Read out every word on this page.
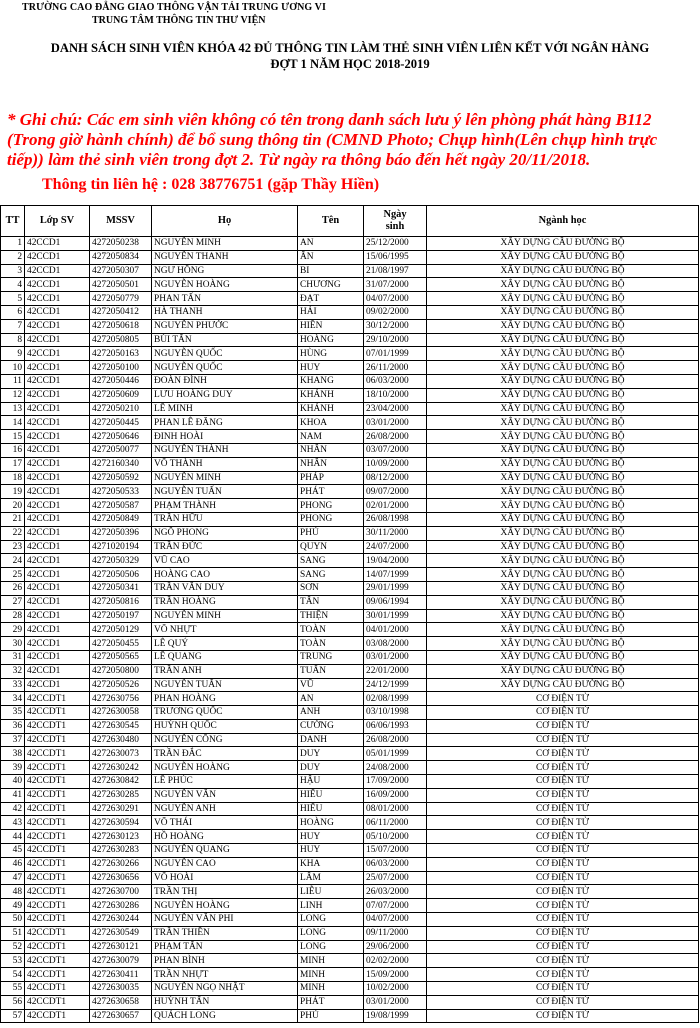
TRƯỜNG CAO ĐẲNG GIAO THÔNG VẬN TẢI TRUNG ƯƠNG VI
TRUNG TÂM THÔNG TIN THƯ VIỆN
DANH SÁCH SINH VIÊN KHÓA 42 ĐỦ THÔNG TIN LÀM THẺ SINH VIÊN LIÊN KẾT VỚI NGÂN HÀNG
ĐỢT 1 NĂM HỌC 2018-2019
* Ghi chú: Các em sinh viên không có tên trong danh sách lưu ý lên phòng phát hàng B112 (Trong giờ hành chính) để bổ sung thông tin (CMND Photo; Chụp hình(Lên chụp hình trực tiếp)) làm thẻ sinh viên trong đợt 2. Từ ngày ra thông báo đến hết ngày 20/11/2018.
Thông tin liên hệ : 028 38776751 (gặp Thầy Hiền)
TT	Lớp SV	MSSV	Họ	Tên	Ngày
sinh	Ngành học
1	42CCD1	4272050238	NGUYỄN MINH	AN	25/12/2000	XÂY DỰNG CẦU ĐƯỜNG BỘ
2	42CCD1	4272050834	NGUYỄN THANH	ÂN	15/06/1995	XÂY DỰNG CẦU ĐƯỜNG BỘ
3	42CCD1	4272050307	NGƯ HỒNG	BI	21/08/1997	XÂY DỰNG CẦU ĐƯỜNG BỘ
4	42CCD1	4272050501	NGUYỄN HOÀNG	CHƯƠNG	31/07/2000	XÂY DỰNG CẦU ĐƯỜNG BỘ
5	42CCD1	4272050779	PHAN TẤN	ĐẠT	04/07/2000	XÂY DỰNG CẦU ĐƯỜNG BỘ
6	42CCD1	4272050412	HÀ THANH	HẢI	09/02/2000	XÂY DỰNG CẦU ĐƯỜNG BỘ
7	42CCD1	4272050618	NGUYỄN PHƯỚC	HIỀN	30/12/2000	XÂY DỰNG CẦU ĐƯỜNG BỘ
8	42CCD1	4272050805	BÙI TẤN	HOÀNG	29/10/2000	XÂY DỰNG CẦU ĐƯỜNG BỘ
9	42CCD1	4272050163	NGUYỄN QUỐC	HÙNG	07/01/1999	XÂY DỰNG CẦU ĐƯỜNG BỘ
10	42CCD1	4272050100	NGUYỄN QUỐC	HUY	26/11/2000	XÂY DỰNG CẦU ĐƯỜNG BỘ
11	42CCD1	4272050446	ĐOÀN ĐÌNH	KHANG	06/03/2000	XÂY DỰNG CẦU ĐƯỜNG BỘ
12	42CCD1	4272050609	LƯU HOÀNG DUY	KHÁNH	18/10/2000	XÂY DỰNG CẦU ĐƯỜNG BỘ
13	42CCD1	4272050210	LÊ MINH	KHÁNH	23/04/2000	XÂY DỰNG CẦU ĐƯỜNG BỘ
14	42CCD1	4272050445	PHAN LÊ ĐĂNG	KHOA	03/01/2000	XÂY DỰNG CẦU ĐƯỜNG BỘ
15	42CCD1	4272050646	ĐINH HOÀI	NAM	26/08/2000	XÂY DỰNG CẦU ĐƯỜNG BỘ
16	42CCD1	4272050077	NGUYỄN THÀNH	NHÂN	03/07/2000	XÂY DỰNG CẦU ĐƯỜNG BỘ
17	42CCD1	4272160340	VÕ THÀNH	NHÂN	10/09/2000	XÂY DỰNG CẦU ĐƯỜNG BỘ
18	42CCD1	4272050592	NGUYỄN MINH	PHÁP	08/12/2000	XÂY DỰNG CẦU ĐƯỜNG BỘ
19	42CCD1	4272050533	NGUYỄN TUẤN	PHÁT	09/07/2000	XÂY DỰNG CẦU ĐƯỜNG BỘ
20	42CCD1	4272050587	PHẠM THÀNH	PHONG	02/01/2000	XÂY DỰNG CẦU ĐƯỜNG BỘ
21	42CCD1	4272050849	TRẦN HỮU	PHONG	26/08/1998	XÂY DỰNG CẦU ĐƯỜNG BỘ
22	42CCD1	4272050396	NGÔ PHONG	PHÚ	30/11/2000	XÂY DỰNG CẦU ĐƯỜNG BỘ
23	42CCD1	4271020194	TRẦN ĐỨC	QUYN	24/07/2000	XÂY DỰNG CẦU ĐƯỜNG BỘ
24	42CCD1	4272050329	VŨ CAO	SANG	19/04/2000	XÂY DỰNG CẦU ĐƯỜNG BỘ
25	42CCD1	4272050506	HOÀNG CAO	SANG	14/07/1999	XÂY DỰNG CẦU ĐƯỜNG BỘ
26	42CCD1	4272050341	TRẦN VĂN DUY	SƠN	29/01/1999	XÂY DỰNG CẦU ĐƯỜNG BỘ
27	42CCD1	4272050816	TRẦN HOÀNG	TÂN	09/06/1994	XÂY DỰNG CẦU ĐƯỜNG BỘ
28	42CCD1	4272050197	NGUYỄN MINH	THIỆN	30/01/1999	XÂY DỰNG CẦU ĐƯỜNG BỘ
29	42CCD1	4272050129	VÕ NHỰT	TOÀN	04/01/2000	XÂY DỰNG CẦU ĐƯỜNG BỘ
30	42CCD1	4272050455	LÊ QUÝ	TOÀN	03/08/2000	XÂY DỰNG CẦU ĐƯỜNG BỘ
31	42CCD1	4272050565	LÊ QUANG	TRUNG	03/01/2000	XÂY DỰNG CẦU ĐƯỜNG BỘ
32	42CCD1	4272050800	TRẦN ANH	TUẤN	22/01/2000	XÂY DỰNG CẦU ĐƯỜNG BỘ
33	42CCD1	4272050526	NGUYỄN TUẤN	VŨ	24/12/1999	XÂY DỰNG CẦU ĐƯỜNG BỘ
34	42CCDT1	4272630756	PHAN HOÀNG	AN	02/08/1999	CƠ ĐIỆN TỬ
35	42CCDT1	4272630058	TRƯƠNG QUỐC	ANH	03/10/1998	CƠ ĐIỆN TỬ
36	42CCDT1	4272630545	HUỲNH QUỐC	CƯỜNG	06/06/1993	CƠ ĐIỆN TỬ
37	42CCDT1	4272630480	NGUYỄN CÔNG	DANH	26/08/2000	CƠ ĐIỆN TỬ
38	42CCDT1	4272630073	TRẦN ĐẮC	DUY	05/01/1999	CƠ ĐIỆN TỬ
39	42CCDT1	4272630242	NGUYỄN HOÀNG	DUY	24/08/2000	CƠ ĐIỆN TỬ
40	42CCDT1	4272630842	LÊ PHÚC	HẬU	17/09/2000	CƠ ĐIỆN TỬ
41	42CCDT1	4272630285	NGUYỄN VĂN	HIẾU	16/09/2000	CƠ ĐIỆN TỬ
42	42CCDT1	4272630291	NGUYỄN ANH	HIẾU	08/01/2000	CƠ ĐIỆN TỬ
43	42CCDT1	4272630594	VÕ THÁI	HOÀNG	06/11/2000	CƠ ĐIỆN TỬ
44	42CCDT1	4272630123	HỒ HOÀNG	HUY	05/10/2000	CƠ ĐIỆN TỬ
45	42CCDT1	4272630283	NGUYỄN QUANG	HUY	15/07/2000	CƠ ĐIỆN TỬ
46	42CCDT1	4272630266	NGUYỄN CAO	KHA	06/03/2000	CƠ ĐIỆN TỬ
47	42CCDT1	4272630656	VÕ HOÀI	LÂM	25/07/2000	CƠ ĐIỆN TỬ
48	42CCDT1	4272630700	TRẦN THỊ	LIỄU	26/03/2000	CƠ ĐIỆN TỬ
49	42CCDT1	4272630286	NGUYỄN HOÀNG	LINH	07/07/2000	CƠ ĐIỆN TỬ
50	42CCDT1	4272630244	NGUYỄN VĂN PHI	LONG	04/07/2000	CƠ ĐIỆN TỬ
51	42CCDT1	4272630549	TRẦN THIỀN	LONG	09/11/2000	CƠ ĐIỆN TỬ
52	42CCDT1	4272630121	PHẠM TẤN	LONG	29/06/2000	CƠ ĐIỆN TỬ
53	42CCDT1	4272630079	PHAN BÌNH	MINH	02/02/2000	CƠ ĐIỆN TỬ
54	42CCDT1	4272630411	TRẦN NHỰT	MINH	15/09/2000	CƠ ĐIỆN TỬ
55	42CCDT1	4272630035	NGUYỄN NGỌ NHẬT	MINH	10/02/2000	CƠ ĐIỆN TỬ
56	42CCDT1	4272630658	HUỲNH TẤN	PHÁT	03/01/2000	CƠ ĐIỆN TỬ
57	42CCDT1	4272630657	QUÁCH LONG	PHÚ	19/08/1999	CƠ ĐIỆN TỬ
